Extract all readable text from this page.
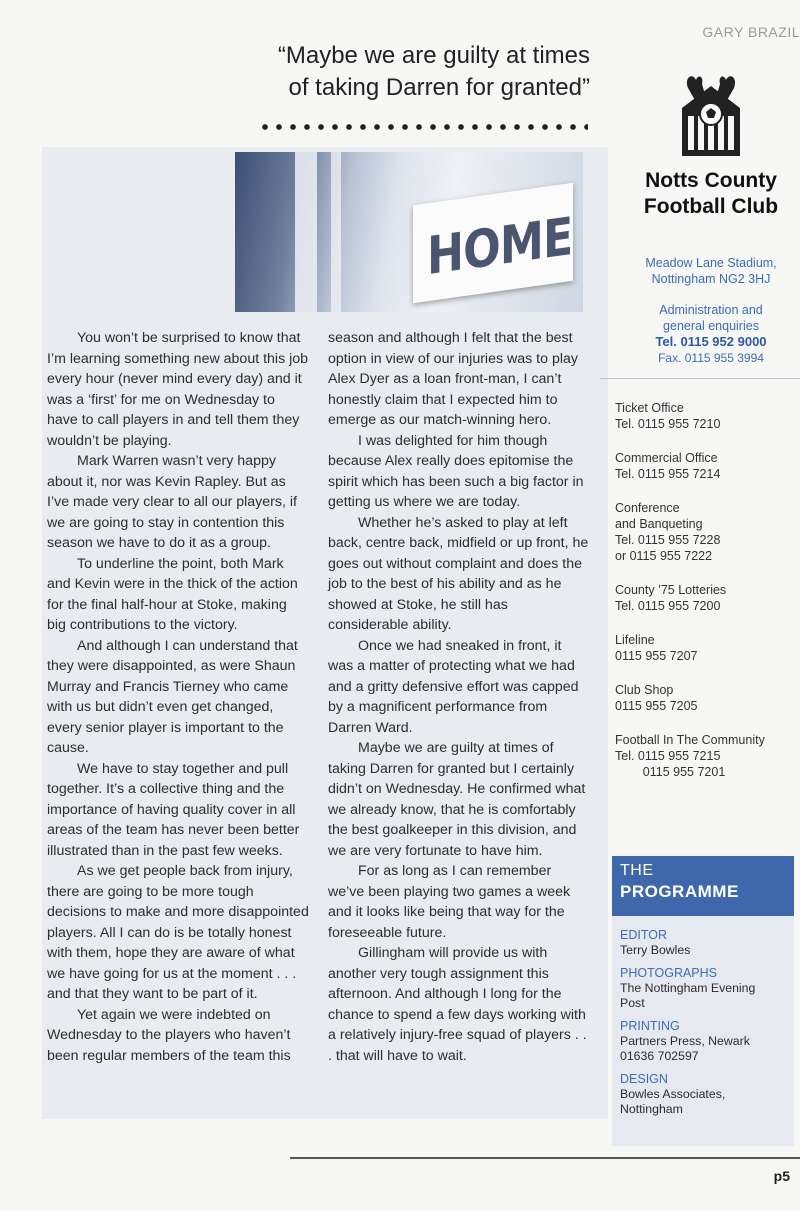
GARY BRAZIL
“Maybe we are guilty at times
of taking Darren for granted”
HOME

You won’t be surprised to know that I’m learning something new about this job every hour (never mind every day) and it was a ‘first’ for me on Wednesday to have to call players in and tell them they wouldn’t be playing.

Mark Warren wasn’t very happy about it, nor was Kevin Rapley. But as I’ve made very clear to all our players, if we are going to stay in contention this season we have to do it as a group.

To underline the point, both Mark and Kevin were in the thick of the action for the final half-hour at Stoke, making big contributions to the victory.

And although I can understand that they were disappointed, as were Shaun Murray and Francis Tierney who came with us but didn’t even get changed, every senior player is important to the cause.

We have to stay together and pull together. It’s a collective thing and the importance of having quality cover in all areas of the team has never been better illustrated than in the past few weeks.

As we get people back from injury, there are going to be more tough decisions to make and more disappointed players. All I can do is be totally honest with them, hope they are aware of what we have going for us at the moment . . . and that they want to be part of it.

Yet again we were indebted on Wednesday to the players who haven’t been regular members of the team this

season and although I felt that the best option in view of our injuries was to play Alex Dyer as a loan front-man, I can’t honestly claim that I expected him to emerge as our match-winning hero.

I was delighted for him though because Alex really does epitomise the spirit which has been such a big factor in getting us where we are today.

Whether he’s asked to play at left back, centre back, midfield or up front, he goes out without complaint and does the job to the best of his ability and as he showed at Stoke, he still has considerable ability.

Once we had sneaked in front, it was a matter of protecting what we had and a gritty defensive effort was capped by a magnificent performance from Darren Ward.

Maybe we are guilty at times of taking Darren for granted but I certainly didn’t on Wednesday. He confirmed what we already know, that he is comfortably the best goalkeeper in this division, and we are very fortunate to have him.

For as long as I can remember we’ve been playing two games a week and it looks like being that way for the foreseeable future.

Gillingham will provide us with another very tough assignment this afternoon. And although I long for the chance to spend a few days working with a relatively injury-free squad of players . . . that will have to wait.

Notts County
Football Club
Meadow Lane Stadium,
Nottingham NG2 3HJ
Administration and
general enquiries
Tel. 0115 952 9000
Fax. 0115 955 3994
Ticket Office
Tel. 0115 955 7210
Commercial Office
Tel. 0115 955 7214
Conference
and Banqueting
Tel. 0115 955 7228
or 0115 955 7222
County ’75 Lotteries
Tel. 0115 955 7200
Lifeline
0115 955 7207
Club Shop
0115 955 7205
Football In The Community
Tel. 0115 955 7215
0115 955 7201
THE
PROGRAMME
EDITOR
Terry Bowles
PHOTOGRAPHS
The Nottingham Evening
Post
PRINTING
Partners Press, Newark
01636 702597
DESIGN
Bowles Associates,
Nottingham
p5
